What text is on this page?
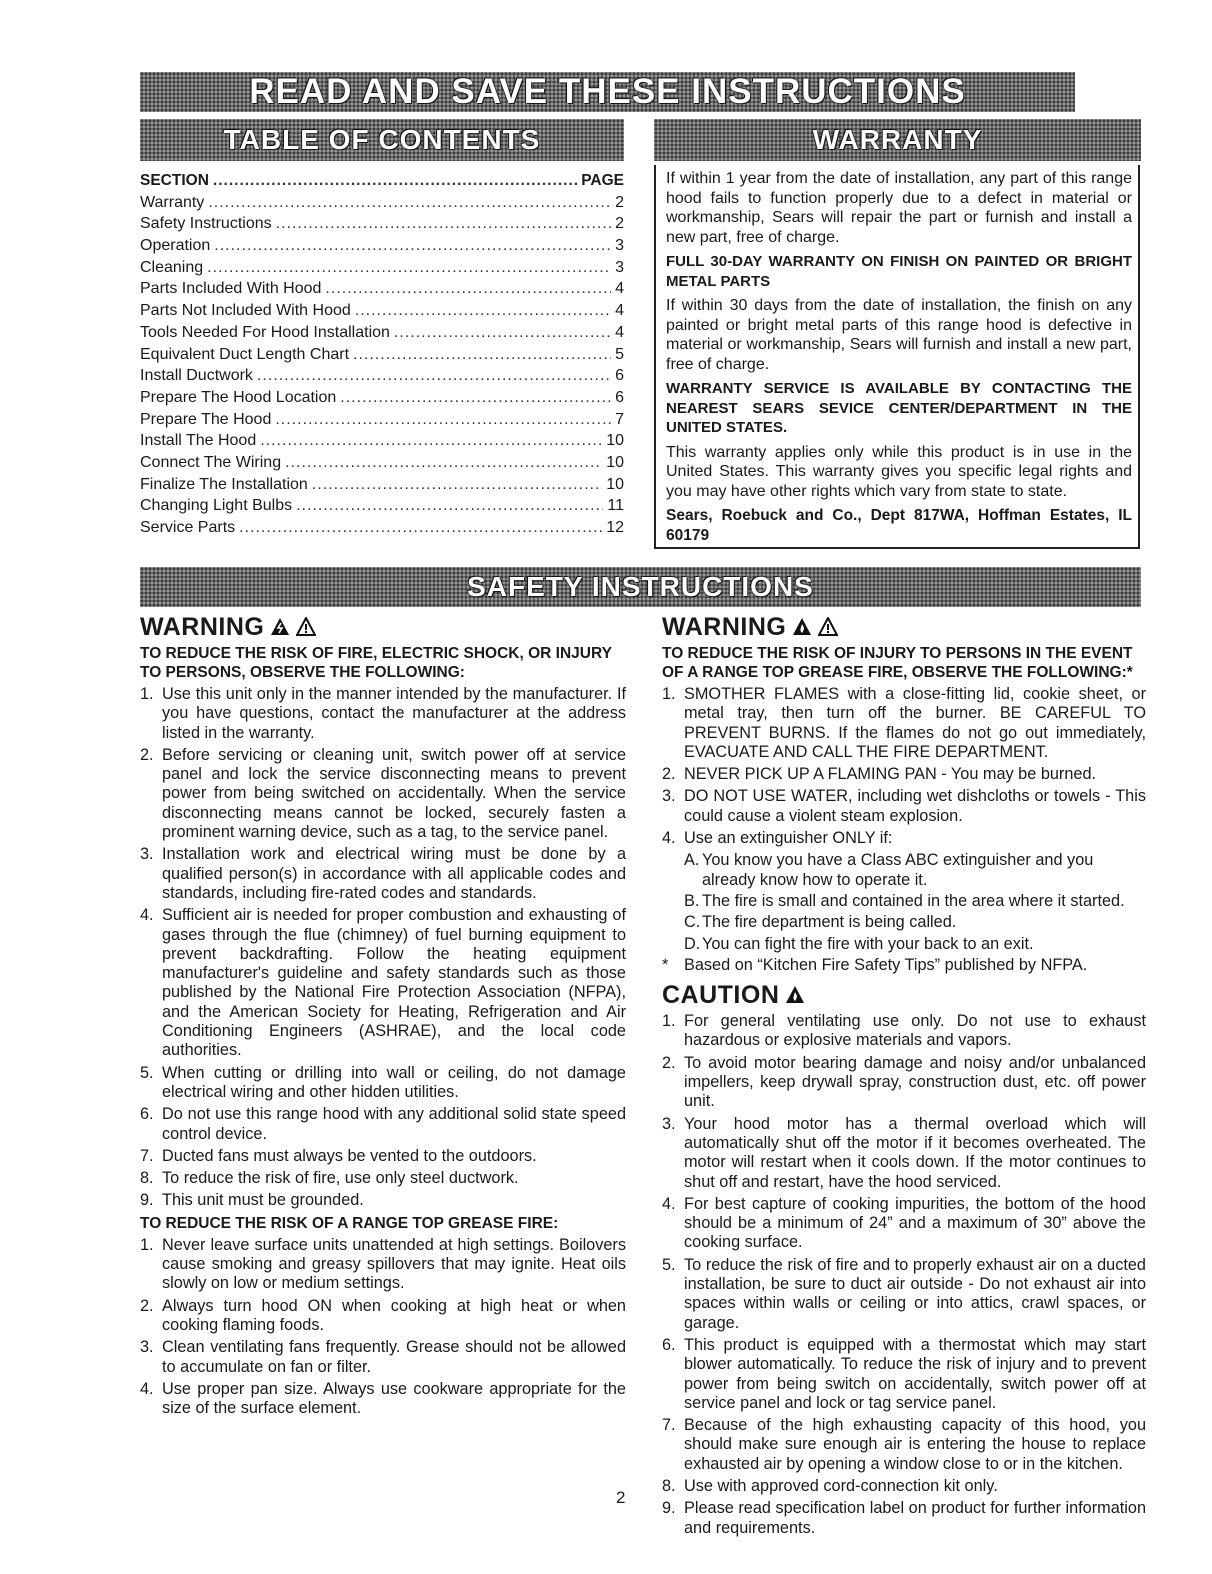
READ AND SAVE THESE INSTRUCTIONS
TABLE OF CONTENTS	WARRANTY
SECTION .....	PAGE
Warranty .....	2
Safety Instructions .....	2
Operation .....	3
Cleaning .....	3
Parts Included With Hood .....	4
Parts Not Included With Hood .....	4
Tools Needed For Hood Installation .....	4
Equivalent Duct Length Chart .....	5
Install Ductwork .....	6
Prepare The Hood Location .....	6
Prepare The Hood .....	7
Install The Hood .....	10
Connect The Wiring .....	10
Finalize The Installation .....	10
Changing Light Bulbs .....	11
Service Parts .....	12

If within 1 year from the date of installation, any part of this range hood fails to function properly due to a defect in material or workmanship, Sears will repair the part or furnish and install a new part, free of charge.

FULL 30-DAY WARRANTY ON FINISH ON PAINTED OR BRIGHT METAL PARTS

If within 30 days from the date of installation, the finish on any painted or bright metal parts of this range hood is defective in material or workmanship, Sears will furnish and install a new part, free of charge.

WARRANTY SERVICE IS AVAILABLE BY CONTACTING THE NEAREST SEARS SEVICE CENTER/DEPARTMENT IN THE UNITED STATES.

This warranty applies only while this product is in use in the United States. This warranty gives you specific legal rights and you may have other rights which vary from state to state.

Sears, Roebuck and Co., Dept 817WA, Hoffman Estates, IL 60179

SAFETY INSTRUCTIONS
WARNING
TO REDUCE THE RISK OF FIRE, ELECTRIC SHOCK, OR INJURY TO PERSONS, OBSERVE THE FOLLOWING:
1. Use this unit only in the manner intended by the manufacturer. If you have questions, contact the manufacturer at the address listed in the warranty.
2. Before servicing or cleaning unit, switch power off at service panel and lock the service disconnecting means to prevent power from being switched on accidentally. When the service disconnecting means cannot be locked, securely fasten a prominent warning device, such as a tag, to the service panel.
3. Installation work and electrical wiring must be done by a qualified person(s) in accordance with all applicable codes and standards, including fire-rated codes and standards.
4. Sufficient air is needed for proper combustion and exhausting of gases through the flue (chimney) of fuel burning equipment to prevent backdrafting. Follow the heating equipment manufacturer's guideline and safety standards such as those published by the National Fire Protection Association (NFPA), and the American Society for Heating, Refrigeration and Air Conditioning Engineers (ASHRAE), and the local code authorities.
5. When cutting or drilling into wall or ceiling, do not damage electrical wiring and other hidden utilities.
6. Do not use this range hood with any additional solid state speed control device.
7. Ducted fans must always be vented to the outdoors.
8. To reduce the risk of fire, use only steel ductwork.
9. This unit must be grounded.
TO REDUCE THE RISK OF A RANGE TOP GREASE FIRE:
1. Never leave surface units unattended at high settings. Boilovers cause smoking and greasy spillovers that may ignite. Heat oils slowly on low or medium settings.
2. Always turn hood ON when cooking at high heat or when cooking flaming foods.
3. Clean ventilating fans frequently. Grease should not be allowed to accumulate on fan or filter.
4. Use proper pan size. Always use cookware appropriate for the size of the surface element.
WARNING
TO REDUCE THE RISK OF INJURY TO PERSONS IN THE EVENT OF A RANGE TOP GREASE FIRE, OBSERVE THE FOLLOWING:*
1. SMOTHER FLAMES with a close-fitting lid, cookie sheet, or metal tray, then turn off the burner. BE CAREFUL TO PREVENT BURNS. If the flames do not go out immediately, EVACUATE AND CALL THE FIRE DEPARTMENT.
2. NEVER PICK UP A FLAMING PAN - You may be burned.
3. DO NOT USE WATER, including wet dishcloths or towels - This could cause a violent steam explosion.
4. Use an extinguisher ONLY if:
A. You know you have a Class ABC extinguisher and you already know how to operate it.
B. The fire is small and contained in the area where it started.
C. The fire department is being called.
D. You can fight the fire with your back to an exit.
* Based on “Kitchen Fire Safety Tips” published by NFPA.
CAUTION
1. For general ventilating use only. Do not use to exhaust hazardous or explosive materials and vapors.
2. To avoid motor bearing damage and noisy and/or unbalanced impellers, keep drywall spray, construction dust, etc. off power unit.
3. Your hood motor has a thermal overload which will automatically shut off the motor if it becomes overheated. The motor will restart when it cools down. If the motor continues to shut off and restart, have the hood serviced.
4. For best capture of cooking impurities, the bottom of the hood should be a minimum of 24” and a maximum of 30” above the cooking surface.
5. To reduce the risk of fire and to properly exhaust air on a ducted installation, be sure to duct air outside - Do not exhaust air into spaces within walls or ceiling or into attics, crawl spaces, or garage.
6. This product is equipped with a thermostat which may start blower automatically. To reduce the risk of injury and to prevent power from being switch on accidentally, switch power off at service panel and lock or tag service panel.
7. Because of the high exhausting capacity of this hood, you should make sure enough air is entering the house to replace exhausted air by opening a window close to or in the kitchen.
8. Use with approved cord-connection kit only.
9. Please read specification label on product for further information and requirements.
2
